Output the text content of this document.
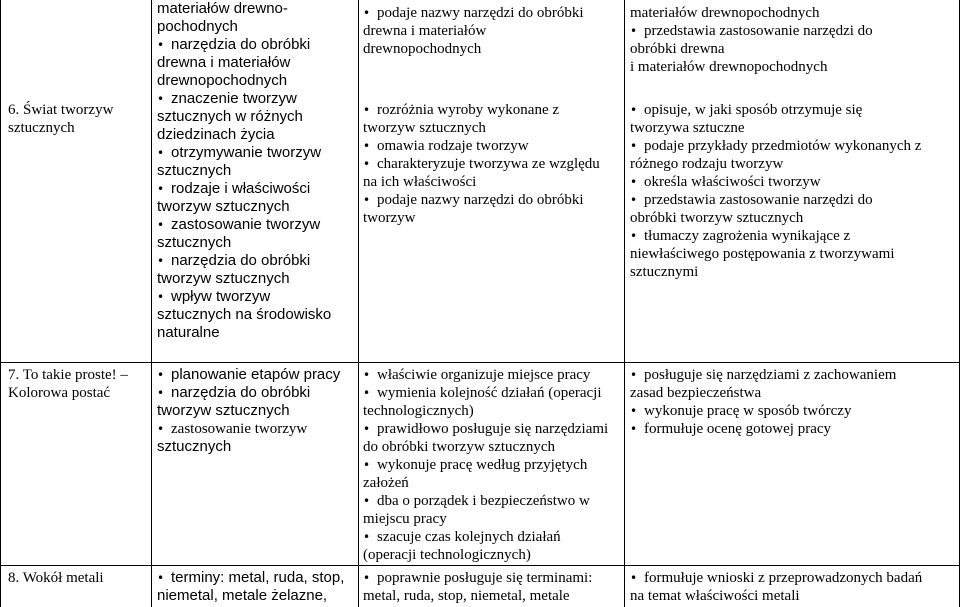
6. Świat tworzyw
sztucznych
materiałów drewno-
pochodnych
• narzędzia do obróbki
drewna i materiałów
drewnopochodnych
• znaczenie tworzyw
sztucznych w różnych
dziedzinach życia
• otrzymywanie tworzyw
sztucznych
• rodzaje i właściwości
tworzyw sztucznych
• zastosowanie tworzyw
sztucznych
• narzędzia do obróbki
tworzyw sztucznych
• wpływ tworzyw
sztucznych na środowisko
naturalne
• podaje nazwy narzędzi do obróbki
drewna i materiałów
drewnopochodnych
• rozróżnia wyroby wykonane z
tworzyw sztucznych
• omawia rodzaje tworzyw
• charakteryzuje tworzywa ze względu
na ich właściwości
• podaje nazwy narzędzi do obróbki
tworzyw
materiałów drewnopochodnych
• przedstawia zastosowanie narzędzi do
obróbki drewna
i materiałów drewnopochodnych
• opisuje, w jaki sposób otrzymuje się
tworzywa sztuczne
• podaje przykłady przedmiotów wykonanych z
różnego rodzaju tworzyw
• określa właściwości tworzyw
• przedstawia zastosowanie narzędzi do
obróbki tworzyw sztucznych
• tłumaczy zagrożenia wynikające z
niewłaściwego postępowania z tworzywami
sztucznymi
7. To takie proste! –
Kolorowa postać
• planowanie etapów pracy
• narzędzia do obróbki
tworzyw sztucznych
• zastosowanie tworzyw
sztucznych
• właściwie organizuje miejsce pracy
• wymienia kolejność działań (operacji
technologicznych)
• prawidłowo posługuje się narzędziami
do obróbki tworzyw sztucznych
• wykonuje pracę według przyjętych
założeń
• dba o porządek i bezpieczeństwo w
miejscu pracy
• szacuje czas kolejnych działań
(operacji technologicznych)
• posługuje się narzędziami z zachowaniem
zasad bezpieczeństwa
• wykonuje pracę w sposób twórczy
• formułuje ocenę gotowej pracy
8. Wokół metali
•	terminy: metal, ruda, stop,
niemetal, metale żelazne,
• poprawnie posługuje się terminami:
metal, ruda, stop, niemetal, metale
• formułuje wnioski z przeprowadzonych badań
na temat właściwości metali
